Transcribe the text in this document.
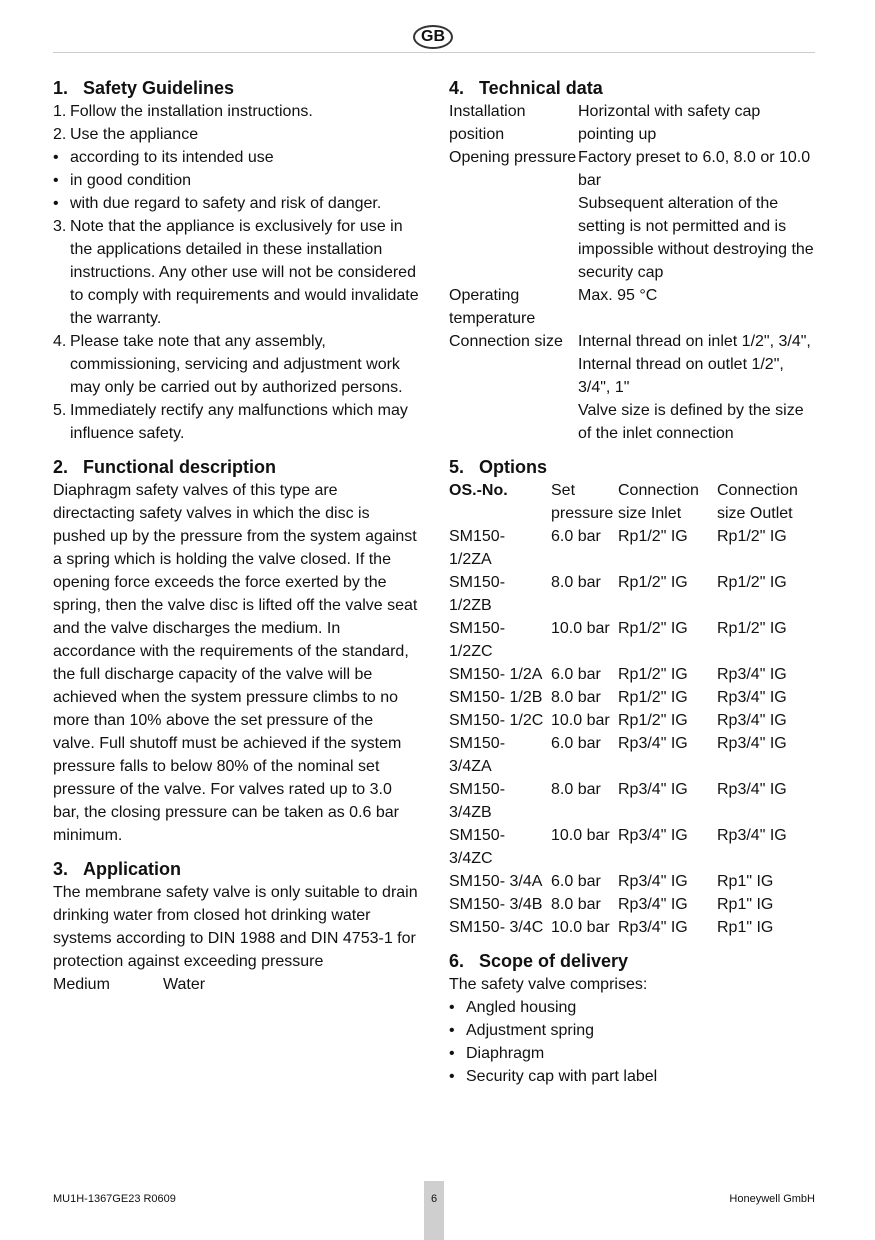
GB
1.   Safety Guidelines
1. Follow the installation instructions.
2. Use the appliance
• according to its intended use
• in good condition
• with due regard to safety and risk of danger.
3. Note that the appliance is exclusively for use in the applications detailed in these installation instructions. Any other use will not be considered to comply with requirements and would invalidate the warranty.
4. Please take note that any assembly, commissioning, servicing and adjustment work may only be carried out by authorized persons.
5. Immediately rectify any malfunctions which may influence safety.
2.   Functional description

Diaphragm safety valves of this type are directacting safety valves in which the disc is pushed up by the pressure from the system against a spring which is holding the valve closed. If the opening force exceeds the force exerted by the spring, then the valve disc is lifted off the valve seat and the valve discharges the medium. In accordance with the requirements of the standard, the full discharge capacity of the valve will be achieved when the system pressure climbs to no more than 10% above the set pressure of the valve. Full shutoff must be achieved if the system pressure falls to below 80% of the nominal set pressure of the valve. For valves rated up to 3.0 bar, the closing pressure can be taken as 0.6 bar minimum.

3.   Application

The membrane safety valve is only suitable to drain drinking water from closed hot drinking water systems according to DIN 1988 and DIN 4753-1 for protection against exceeding pressure

Medium	Water
4.   Technical data
Installation position
Horizontal with safety cap pointing up
Opening pressure Factory preset to 6.0, 8.0 or 10.0 bar
Subsequent alteration of the setting is not permitted and is impossible without destroying the security cap
Operating temperature
Max. 95 °C
Connection size Internal thread on inlet 1/2", 3/4",
Internal thread on outlet 1/2", 3/4", 1"
Valve size is defined by the size of the inlet connection
5.   Options
OS.-No.	Set pressure
Connection size Inlet
Connection size Outlet
SM150- 1/2ZA
6.0 bar	Rp1/2" IG	Rp1/2" IG
SM150- 1/2ZB
8.0 bar	Rp1/2" IG	Rp1/2" IG
SM150- 1/2ZC
10.0 bar Rp1/2" IG	Rp1/2" IG
SM150- 1/2A 6.0 bar	Rp1/2" IG	Rp3/4" IG
SM150- 1/2B 8.0 bar	Rp1/2" IG	Rp3/4" IG
SM150- 1/2C 10.0 bar Rp1/2" IG	Rp3/4" IG
SM150- 3/4ZA
6.0 bar	Rp3/4" IG	Rp3/4" IG
SM150- 3/4ZB
8.0 bar	Rp3/4" IG	Rp3/4" IG
SM150- 3/4ZC
10.0 bar Rp3/4" IG	Rp3/4" IG
SM150- 3/4A 6.0 bar	Rp3/4" IG	Rp1" IG
SM150- 3/4B 8.0 bar	Rp3/4" IG	Rp1" IG
SM150- 3/4C 10.0 bar Rp3/4" IG	Rp1" IG
6.   Scope of delivery

The safety valve comprises:

• Angled housing
• Adjustment spring
• Diaphragm
• Security cap with part label
MU1H-1367GE23 R0609	6	Honeywell GmbH
